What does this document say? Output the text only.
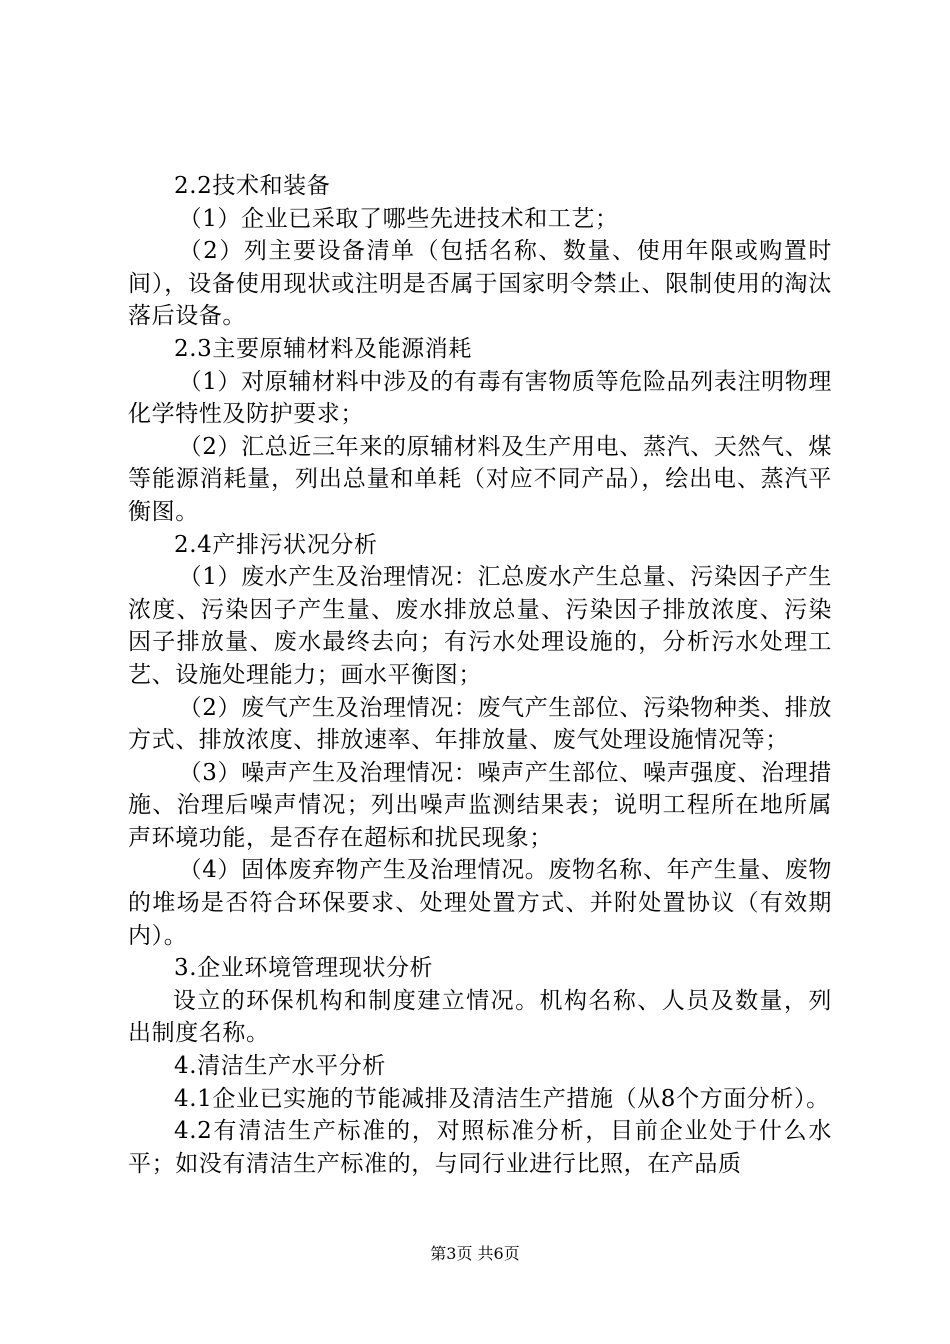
2.2技术和装备

（1）企业已采取了哪些先进技术和工艺；

（2）列主要设备清单（包括名称、数量、使用年限或购置时间），设备使用现状或注明是否属于国家明令禁止、限制使用的淘汰落后设备。

2.3主要原辅材料及能源消耗

（1）对原辅材料中涉及的有毒有害物质等危险品列表注明物理化学特性及防护要求；

（2）汇总近三年来的原辅材料及生产用电、蒸汽、天然气、煤等能源消耗量，列出总量和单耗（对应不同产品），绘出电、蒸汽平衡图。

2.4产排污状况分析

（1）废水产生及治理情况：汇总废水产生总量、污染因子产生浓度、污染因子产生量、废水排放总量、污染因子排放浓度、污染因子排放量、废水最终去向；有污水处理设施的，分析污水处理工艺、设施处理能力；画水平衡图；

（2）废气产生及治理情况：废气产生部位、污染物种类、排放方式、排放浓度、排放速率、年排放量、废气处理设施情况等；

（3）噪声产生及治理情况：噪声产生部位、噪声强度、治理措施、治理后噪声情况；列出噪声监测结果表；说明工程所在地所属声环境功能，是否存在超标和扰民现象；

（4）固体废弃物产生及治理情况。废物名称、年产生量、废物的堆场是否符合环保要求、处理处置方式、并附处置协议（有效期内）。

3.企业环境管理现状分析

设立的环保机构和制度建立情况。机构名称、人员及数量，列出制度名称。

4.清洁生产水平分析

4.1企业已实施的节能减排及清洁生产措施（从8个方面分析）。

4.2有清洁生产标准的，对照标准分析，目前企业处于什么水平；如没有清洁生产标准的，与同行业进行比照，在产品质

第3页 共6页
